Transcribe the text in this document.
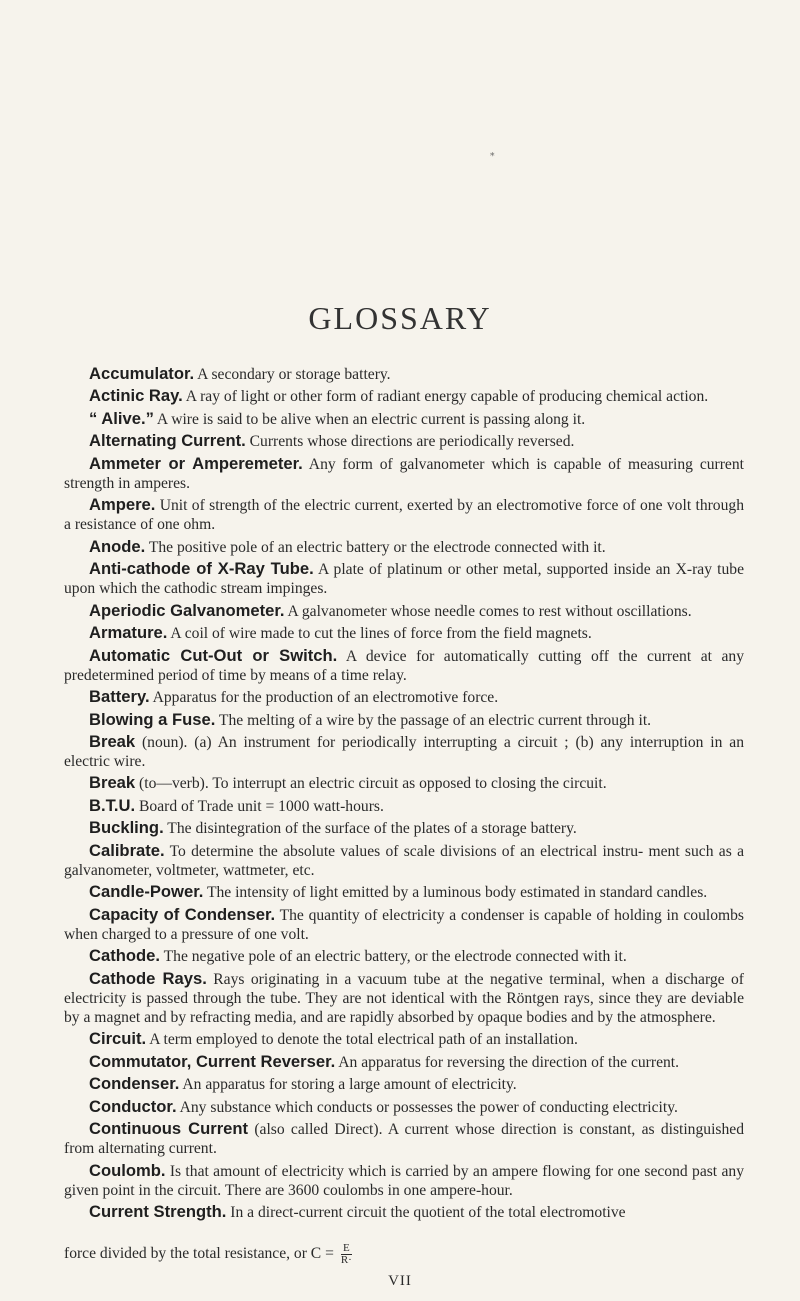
*
GLOSSARY

Accumulator. A secondary or storage battery.

Actinic Ray. A ray of light or other form of radiant energy capable of producing chemical action.

“ Alive.” A wire is said to be alive when an electric current is passing along it.

Alternating Current. Currents whose directions are periodically reversed.

Ammeter or Amperemeter. Any form of galvanometer which is capable of measuring current strength in amperes.

Ampere. Unit of strength of the electric current, exerted by an electromotive force of one volt through a resistance of one ohm.

Anode. The positive pole of an electric battery or the electrode connected with it.

Anti-cathode of X-Ray Tube. A plate of platinum or other metal, supported inside an X-ray tube upon which the cathodic stream impinges.

Aperiodic Galvanometer. A galvanometer whose needle comes to rest without oscillations.

Armature. A coil of wire made to cut the lines of force from the field magnets.

Automatic Cut-Out or Switch. A device for automatically cutting off the current at any predetermined period of time by means of a time relay.

Battery. Apparatus for the production of an electromotive force.

Blowing a Fuse. The melting of a wire by the passage of an electric current through it.

Break (noun). (a) An instrument for periodically interrupting a circuit ; (b) any interruption in an electric wire.

Break (to—verb). To interrupt an electric circuit as opposed to closing the circuit.

B.T.U. Board of Trade unit = 1000 watt-hours.

Buckling. The disintegration of the surface of the plates of a storage battery.

Calibrate. To determine the absolute values of scale divisions of an electrical instru- ment such as a galvanometer, voltmeter, wattmeter, etc.

Candle-Power. The intensity of light emitted by a luminous body estimated in standard candles.

Capacity of Condenser. The quantity of electricity a condenser is capable of holding in coulombs when charged to a pressure of one volt.

Cathode. The negative pole of an electric battery, or the electrode connected with it.

Cathode Rays. Rays originating in a vacuum tube at the negative terminal, when a discharge of electricity is passed through the tube. They are not identical with the Röntgen rays, since they are deviable by a magnet and by refracting media, and are rapidly absorbed by opaque bodies and by the atmosphere.

Circuit. A term employed to denote the total electrical path of an installation.

Commutator, Current Reverser. An apparatus for reversing the direction of the current.

Condenser. An apparatus for storing a large amount of electricity.

Conductor. Any substance which conducts or possesses the power of conducting electricity.

Continuous Current (also called Direct). A current whose direction is constant, as distinguished from alternating current.

Coulomb. Is that amount of electricity which is carried by an ampere flowing for one second past any given point in the circuit. There are 3600 coulombs in one ampere-hour.

Current Strength. In a direct-current circuit the quotient of the total electromotive

force divided by the total resistance, or $C = \frac{E}{R\cdot}$
VII
